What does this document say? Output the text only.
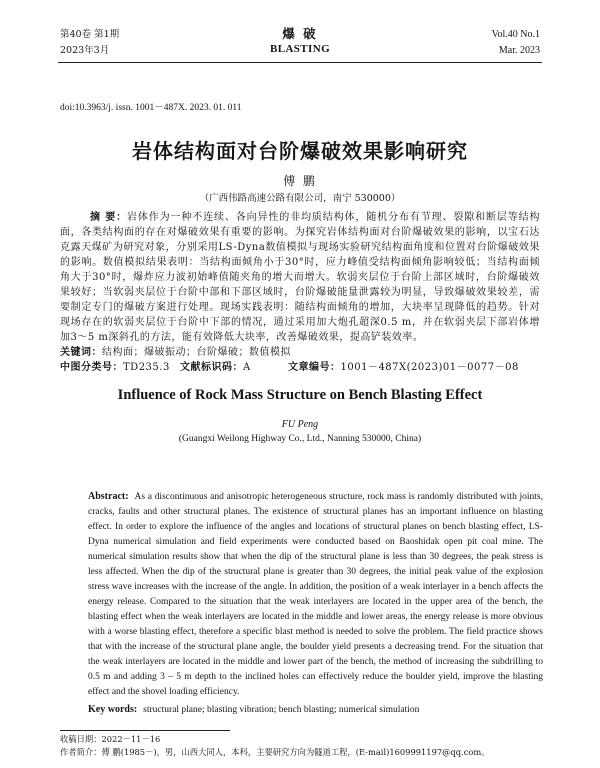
第40卷 第1期
2023年3月
爆 破
BLASTING
Vol.40 No.1
Mar. 2023
doi:10.3963/j. issn. 1001－487X. 2023. 01. 011
岩体结构面对台阶爆破效果影响研究
傅 鹏
（广西伟路高速公路有限公司，南宁 530000）

摘 要：岩体作为一种不连续、各向异性的非均质结构体，随机分布有节理、裂隙和断层等结构面，各类结构面的存在对爆破效果有重要的影响。为探究岩体结构面对台阶爆破效果的影响，以宝石达克露天煤矿为研究对象，分别采用LS-Dyna数值模拟与现场实验研究结构面角度和位置对台阶爆破效果的影响。数值模拟结果表明：当结构面倾角小于30°时，应力峰值受结构面倾角影响较低；当结构面倾角大于30°时，爆炸应力波初始峰值随夹角的增大而增大。软弱夹层位于台阶上部区域时，台阶爆破效果较好；当软弱夹层位于台阶中部和下部区域时，台阶爆破能量泄露较为明显，导致爆破效果较差，需要制定专门的爆破方案进行处理。现场实践表明：随结构面倾角的增加，大块率呈现降低的趋势。针对现场存在的软弱夹层位于台阶中下部的情况，通过采用加大炮孔超深0.5 m，并在软弱夹层下部岩体增加3～5 m深斜孔的方法，能有效降低大块率，改善爆破效果，提高铲装效率。

关键词：结构面；爆破振动；台阶爆破；数值模拟

中图分类号：TD235.3 文献标识码：A	文章编号：1001－487X(2023)01－0077－08

Influence of Rock Mass Structure on Bench Blasting Effect
FU Peng
(Guangxi Weilong Highway Co., Ltd., Nanning 530000, China)

Abstract: As a discontinuous and anisotropic heterogeneous structure, rock mass is randomly distributed with joints, cracks, faults and other structural planes. The existence of structural planes has an important influence on blasting effect. In order to explore the influence of the angles and locations of structural planes on bench blasting effect, LS-Dyna numerical simulation and field experiments were conducted based on Baoshidak open pit coal mine. The numerical simulation results show that when the dip of the structural plane is less than 30 degrees, the peak stress is less affected. When the dip of the structural plane is greater than 30 degrees, the initial peak value of the explosion stress wave increases with the increase of the angle. In addition, the position of a weak interlayer in a bench affects the energy release. Compared to the situation that the weak interlayers are located in the upper area of the bench, the blasting effect when the weak interlayers are located in the middle and lower areas, the energy release is more obvious with a worse blasting effect, therefore a specific blast method is needed to solve the problem. The field practice shows that with the increase of the structural plane angle, the boulder yield presents a decreasing trend. For the situation that the weak interlayers are located in the middle and lower part of the bench, the method of increasing the subdrilling to 0.5 m and adding 3 – 5 m depth to the inclined holes can effectively reduce the boulder yield, improve the blasting effect and the shovel loading efficiency.

Key words: structural plane; blasting vibration; bench blasting; numerical simulation

收稿日期：2022－11－16
作者简介：傅 鹏(1985－)，男，山西大同人，本科，主要研究方向为隧道工程，(E-mail)1609991197@qq.com。
